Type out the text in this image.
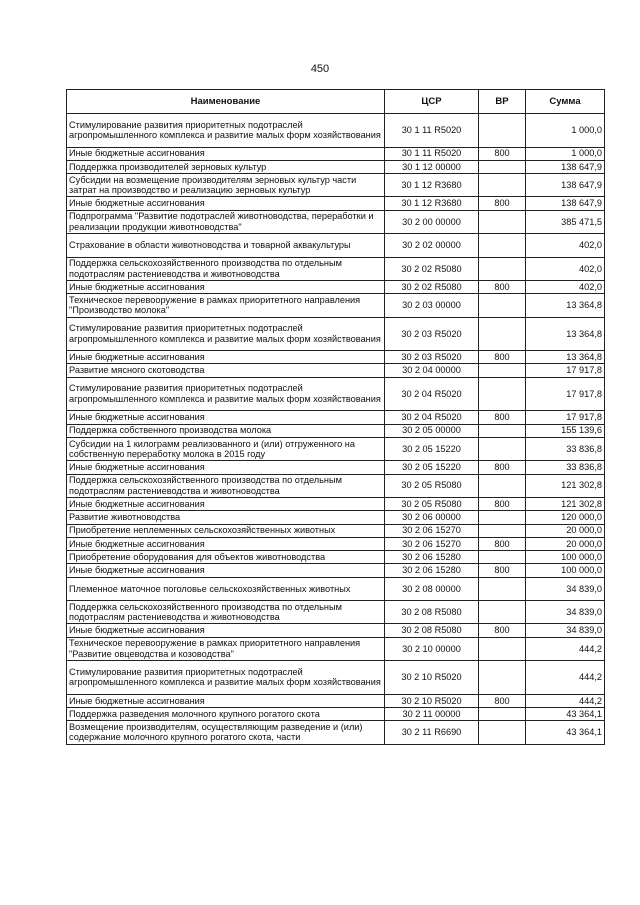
450
Наименование	ЦСР	ВР	Сумма
Стимулирование развития приоритетных подотраслей агропромышленного комплекса и развитие малых форм хозяйствования	30 1 11 R5020		1 000,0
Иные бюджетные ассигнования	30 1 11 R5020	800	1 000,0
Поддержка производителей зерновых культур	30 1 12 00000		138 647,9
Субсидии на возмещение производителям зерновых культур части затрат на производство и реализацию зерновых культур	30 1 12 R3680		138 647,9
Иные бюджетные ассигнования	30 1 12 R3680	800	138 647,9
Подпрограмма "Развитие подотраслей животноводства, переработки и реализации продукции животноводства"	30 2 00 00000		385 471,5
Страхование в области животноводства и товарной аквакультуры	30 2 02 00000		402,0
Поддержка сельскохозяйственного производства по отдельным подотраслям растениеводства и животноводства	30 2 02 R5080		402,0
Иные бюджетные ассигнования	30 2 02 R5080	800	402,0
Техническое перевооружение в рамках приоритетного направления "Производство молока"	30 2 03 00000		13 364,8
Стимулирование развития приоритетных подотраслей агропромышленного комплекса и развитие малых форм хозяйствования	30 2 03 R5020		13 364,8
Иные бюджетные ассигнования	30 2 03 R5020	800	13 364,8
Развитие мясного скотоводства	30 2 04 00000		17 917,8
Стимулирование развития приоритетных подотраслей агропромышленного комплекса и развитие малых форм хозяйствования	30 2 04 R5020		17 917,8
Иные бюджетные ассигнования	30 2 04 R5020	800	17 917,8
Поддержка собственного производства молока	30 2 05 00000		155 139,6
Субсидии на 1 килограмм реализованного и (или) отгруженного на собственную переработку молока в 2015 году	30 2 05 15220		33 836,8
Иные бюджетные ассигнования	30 2 05 15220	800	33 836,8
Поддержка сельскохозяйственного производства по отдельным подотраслям растениеводства и животноводства	30 2 05 R5080		121 302,8
Иные бюджетные ассигнования	30 2 05 R5080	800	121 302,8
Развитие животноводства	30 2 06 00000		120 000,0
Приобретение неплеменных сельскохозяйственных животных	30 2 06 15270		20 000,0
Иные бюджетные ассигнования	30 2 06 15270	800	20 000,0
Приобретение оборудования для объектов животноводства	30 2 06 15280		100 000,0
Иные бюджетные ассигнования	30 2 06 15280	800	100 000,0
Племенное маточное поголовье сельскохозяйственных животных	30 2 08 00000		34 839,0
Поддержка сельскохозяйственного производства по отдельным подотраслям растениеводства и животноводства	30 2 08 R5080		34 839,0
Иные бюджетные ассигнования	30 2 08 R5080	800	34 839,0
Техническое перевооружение в рамках приоритетного направления "Развитие овцеводства и козоводства"	30 2 10 00000		444,2
Стимулирование развития приоритетных подотраслей агропромышленного комплекса и развитие малых форм хозяйствования	30 2 10 R5020		444,2
Иные бюджетные ассигнования	30 2 10 R5020	800	444,2
Поддержка разведения молочного крупного рогатого скота	30 2 11 00000		43 364,1
Возмещение производителям, осуществляющим разведение и (или) содержание молочного крупного рогатого скота, части	30 2 11 R6690		43 364,1
